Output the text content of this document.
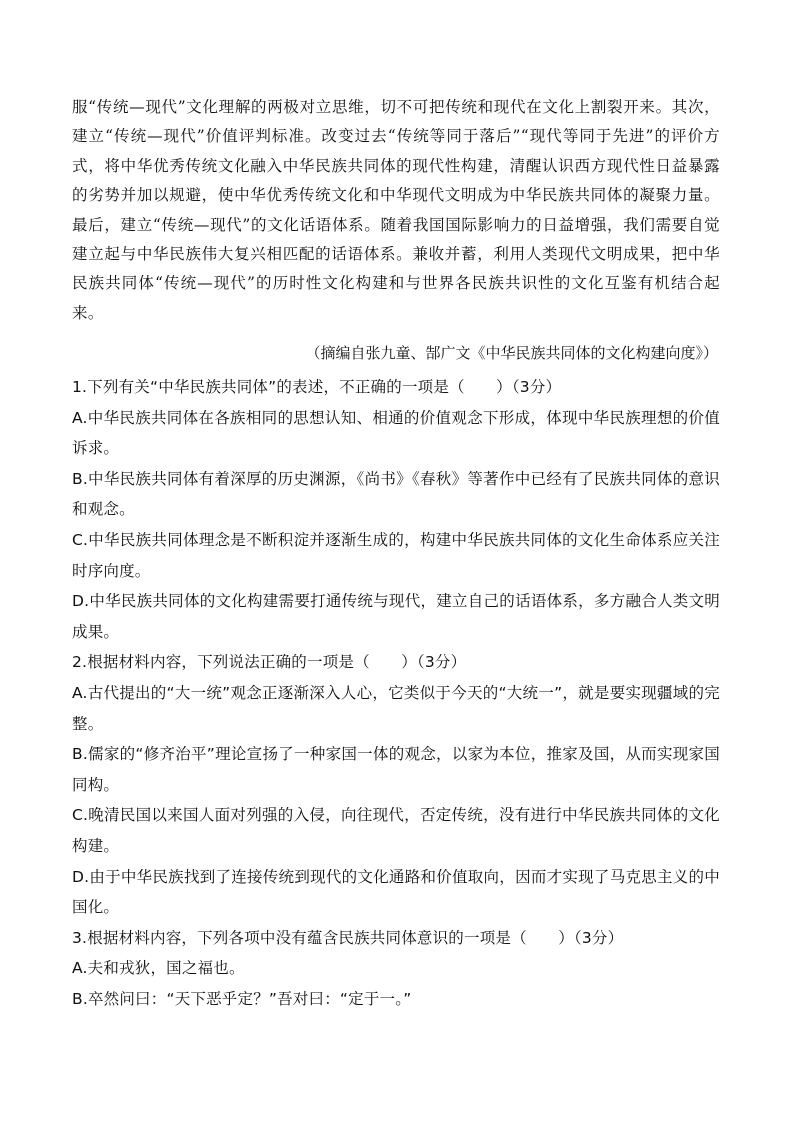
服“传统—现代”文化理解的两极对立思维，切不可把传统和现代在文化上割裂开来。其次，建立“传统—现代”价值评判标准。改变过去“传统等同于落后”“现代等同于先进”的评价方式，将中华优秀传统文化融入中华民族共同体的现代性构建，清醒认识西方现代性日益暴露的劣势并加以规避，使中华优秀传统文化和中华现代文明成为中华民族共同体的凝聚力量。最后，建立“传统—现代”的文化话语体系。随着我国国际影响力的日益增强，我们需要自觉建立起与中华民族伟大复兴相匹配的话语体系。兼收并蓄，利用人类现代文明成果，把中华民族共同体“传统—现代”的历时性文化构建和与世界各民族共识性的文化互鉴有机结合起来。

（摘编自张九童、郜广文《中华民族共同体的文化构建向度》）

1.下列有关“中华民族共同体”的表述，不正确的一项是（　　）（3分）

A.中华民族共同体在各族相同的思想认知、相通的价值观念下形成，体现中华民族理想的价值诉求。

B.中华民族共同体有着深厚的历史渊源，《尚书》《春秋》等著作中已经有了民族共同体的意识和观念。

C.中华民族共同体理念是不断积淀并逐渐生成的，构建中华民族共同体的文化生命体系应关注时序向度。

D.中华民族共同体的文化构建需要打通传统与现代，建立自己的话语体系，多方融合人类文明成果。

2.根据材料内容，下列说法正确的一项是（　　）（3分）

A.古代提出的“大一统”观念正逐渐深入人心，它类似于今天的“大统一”，就是要实现疆域的完整。

B.儒家的“修齐治平”理论宣扬了一种家国一体的观念，以家为本位，推家及国，从而实现家国同构。

C.晚清民国以来国人面对列强的入侵，向往现代，否定传统，没有进行中华民族共同体的文化构建。

D.由于中华民族找到了连接传统到现代的文化通路和价值取向，因而才实现了马克思主义的中国化。

3.根据材料内容，下列各项中没有蕴含民族共同体意识的一项是（　　）（3分）

A.夫和戎狄，国之福也。

B.卒然问曰：“天下恶乎定？”吾对曰：“定于一。”
